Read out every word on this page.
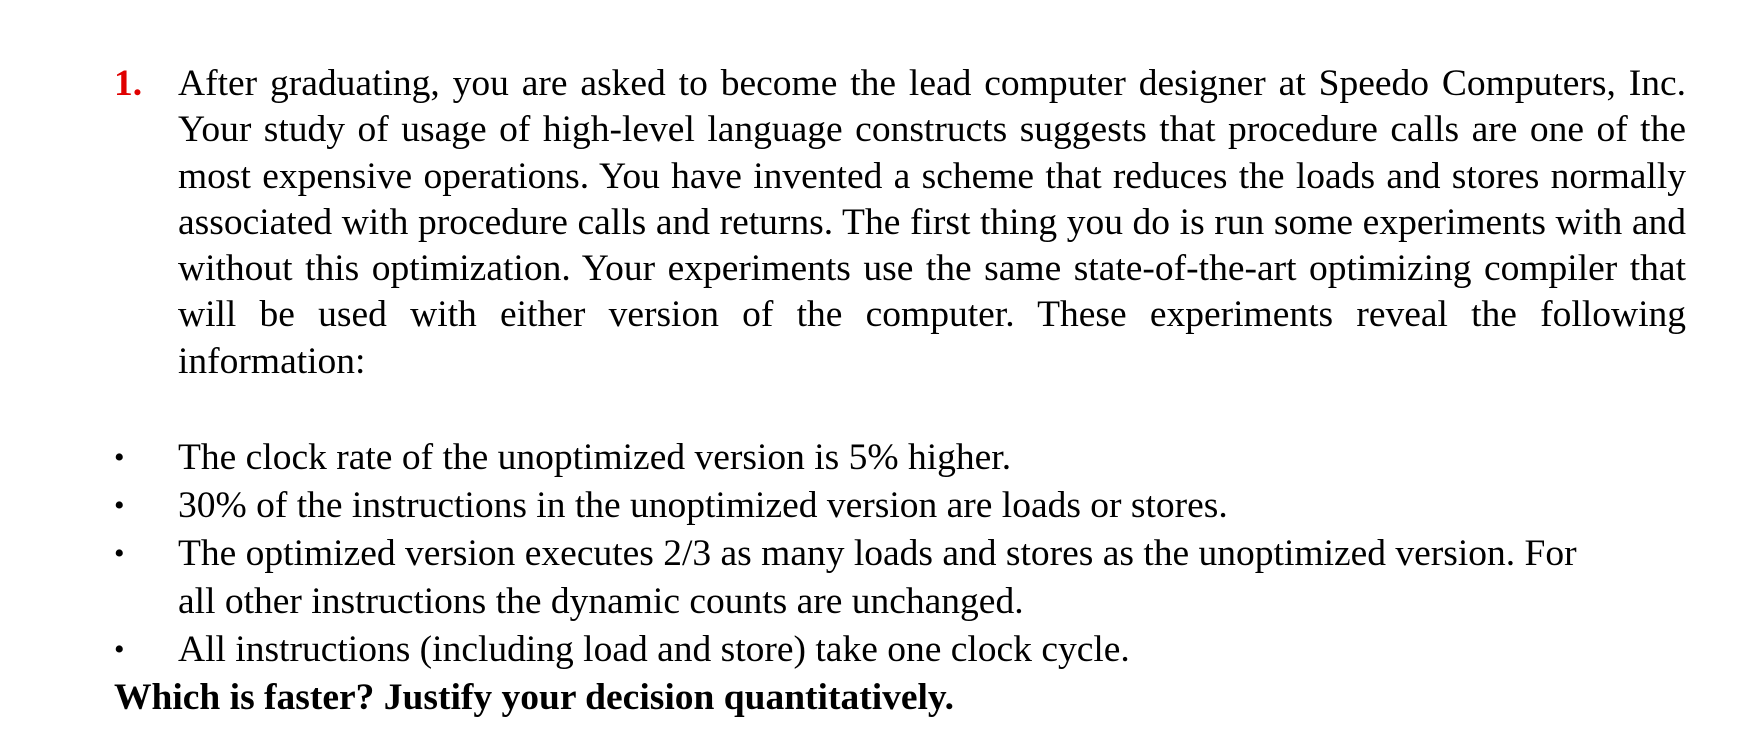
1. After graduating, you are asked to become the lead computer designer at Speedo Computers, Inc. Your study of usage of high-level language constructs suggests that procedure calls are one of the most expensive operations. You have invented a scheme that reduces the loads and stores normally associated with procedure calls and returns. The first thing you do is run some experiments with and without this optimization. Your experiments use the same state-of-the-art optimizing compiler that will be used with either version of the computer. These experiments reveal the following information:
•	The clock rate of the unoptimized version is 5% higher.
•	30% of the instructions in the unoptimized version are loads or stores.
•	The optimized version executes 2/3 as many loads and stores as the unoptimized version. For all other instructions the dynamic counts are unchanged.
•	All instructions (including load and store) take one clock cycle.
Which is faster? Justify your decision quantitatively.
